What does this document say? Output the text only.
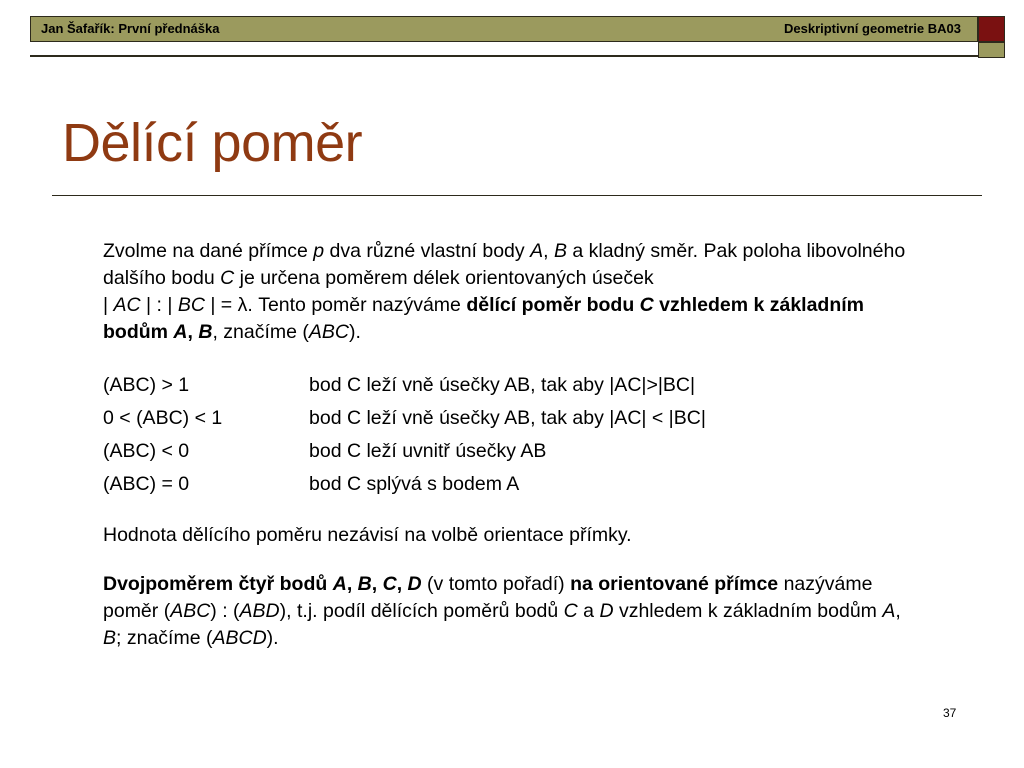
Jan Šafařík: První přednáška	Deskriptivní geometrie BA03
Dělící poměr

Zvolme na dané přímce p dva různé vlastní body A, B a kladný směr. Pak poloha libovolného dalšího bodu C je určena poměrem délek orientovaných úseček
| AC | : | BC | = λ. Tento poměr nazýváme dělící poměr bodu C vzhledem k základním bodům A, B, značíme (ABC).

(ABC) > 1	bod C leží vně úsečky AB, tak aby |AC|>|BC|
0 < (ABC) < 1	bod C leží vně úsečky AB, tak aby |AC| < |BC|
(ABC) < 0	bod C leží uvnitř úsečky AB
(ABC) = 0	bod C splývá s bodem A

Hodnota dělícího poměru nezávisí na volbě orientace přímky.

Dvojpoměrem čtyř bodů A, B, C, D (v tomto pořadí) na orientované přímce nazýváme poměr (ABC) : (ABD), t.j. podíl dělících poměrů bodů C a D vzhledem k základním bodům A, B; značíme (ABCD).

37
